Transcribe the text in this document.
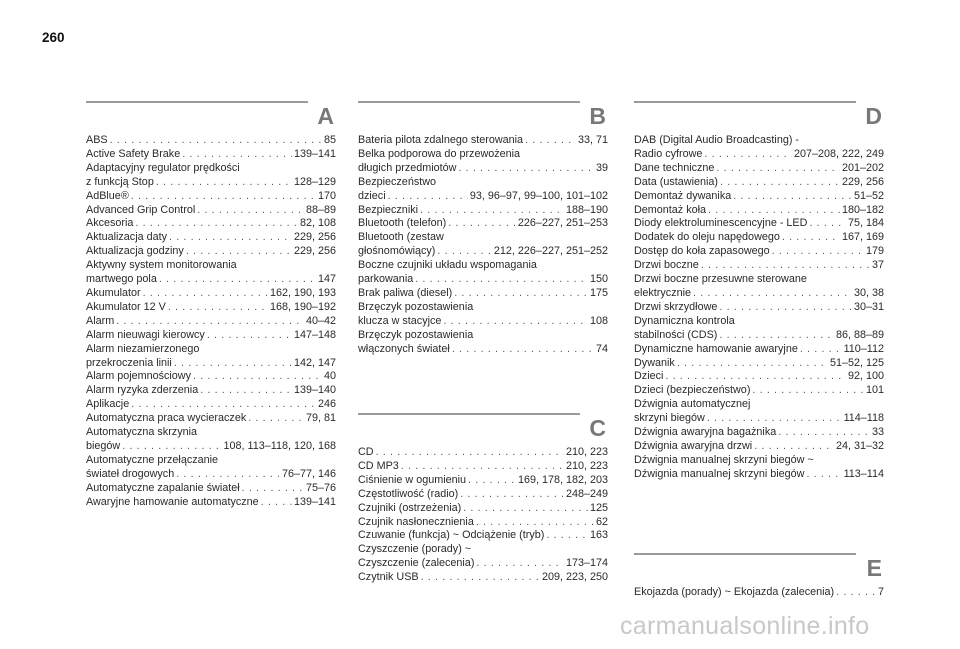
260
A
ABS . . .	85
Active Safety Brake . . .	139–141
Adaptacyjny regulator prędkości
z funkcją Stop . . .	128–129
AdBlue® . . .	170
Advanced Grip Control . . .	88–89
Akcesoria . . .	82, 108
Aktualizacja daty . . .	229, 256
Aktualizacja godziny . . .	229, 256
Aktywny system monitorowania
martwego pola . . .	147
Akumulator . . .	162, 190, 193
Akumulator 12 V . . .	168, 190–192
Alarm . . .	40–42
Alarm nieuwagi kierowcy . . .	147–148
Alarm niezamierzonego
przekroczenia linii . . .	142, 147
Alarm pojemnościowy . . .	40
Alarm ryzyka zderzenia . . .	139–140
Aplikacje . . .	246
Automatyczna praca wycieraczek . . .	79, 81
Automatyczna skrzynia
biegów . . .	108, 113–118, 120, 168
Automatyczne przełączanie
świateł drogowych . . .	76–77, 146
Automatyczne zapalanie świateł . . .	75–76
Awaryjne hamowanie automatyczne . . .	139–141
B
Bateria pilota zdalnego sterowania . . .	33, 71
Belka podporowa do przewożenia
długich przedmiotów . . .	39
Bezpieczeństwo
dzieci . . .	93, 96–97, 99–100, 101–102
Bezpieczniki . . .	188–190
Bluetooth (telefon) . . .	226–227, 251–253
Bluetooth (zestaw
głośnomówiący) . . .	212, 226–227, 251–252
Boczne czujniki układu wspomagania
parkowania . . .	150
Brak paliwa (diesel) . . .	175
Brzęczyk pozostawienia
klucza w stacyjce . . .	108
Brzęczyk pozostawienia
włączonych świateł . . .	74
C
CD . . .	210, 223
CD MP3 . . .	210, 223
Ciśnienie w ogumieniu . . .	169, 178, 182, 203
Częstotliwość (radio) . . .	248–249
Czujniki (ostrzeżenia) . . .	125
Czujnik nasłonecznienia . . .	62
Czuwanie (funkcja) ~ Odciążenie (tryb) . . .	163
Czyszczenie (porady) ~
Czyszczenie (zalecenia) . . .	173–174
Czytnik USB . . .	209, 223, 250
D
DAB (Digital Audio Broadcasting) -
Radio cyfrowe . . .	207–208, 222, 249
Dane techniczne . . .	201–202
Data (ustawienia) . . .	229, 256
Demontaż dywanika . . .	51–52
Demontaż koła . . .	180–182
Diody elektroluminescencyjne - LED . . .	75, 184
Dodatek do oleju napędowego . . .	167, 169
Dostęp do koła zapasowego . . .	179
Drzwi boczne . . .	37
Drzwi boczne przesuwne sterowane
elektrycznie . . .	30, 38
Drzwi skrzydłowe . . .	30–31
Dynamiczna kontrola
stabilności (CDS) . . .	86, 88–89
Dynamiczne hamowanie awaryjne . . .	110–112
Dywanik . . .	51–52, 125
Dzieci . . .	92, 100
Dzieci (bezpieczeństwo) . . .	101
Dźwignia automatycznej
skrzyni biegów . . .	114–118
Dźwignia awaryjna bagażnika . . .	33
Dźwignia awaryjna drzwi . . .	24, 31–32
Dźwignia manualnej skrzyni biegów ~
Dźwignia manualnej skrzyni biegów . . .	113–114
E
Ekojazda (porady) ~ Ekojazda (zalecenia) . . .	7
carmanualsonline.info
